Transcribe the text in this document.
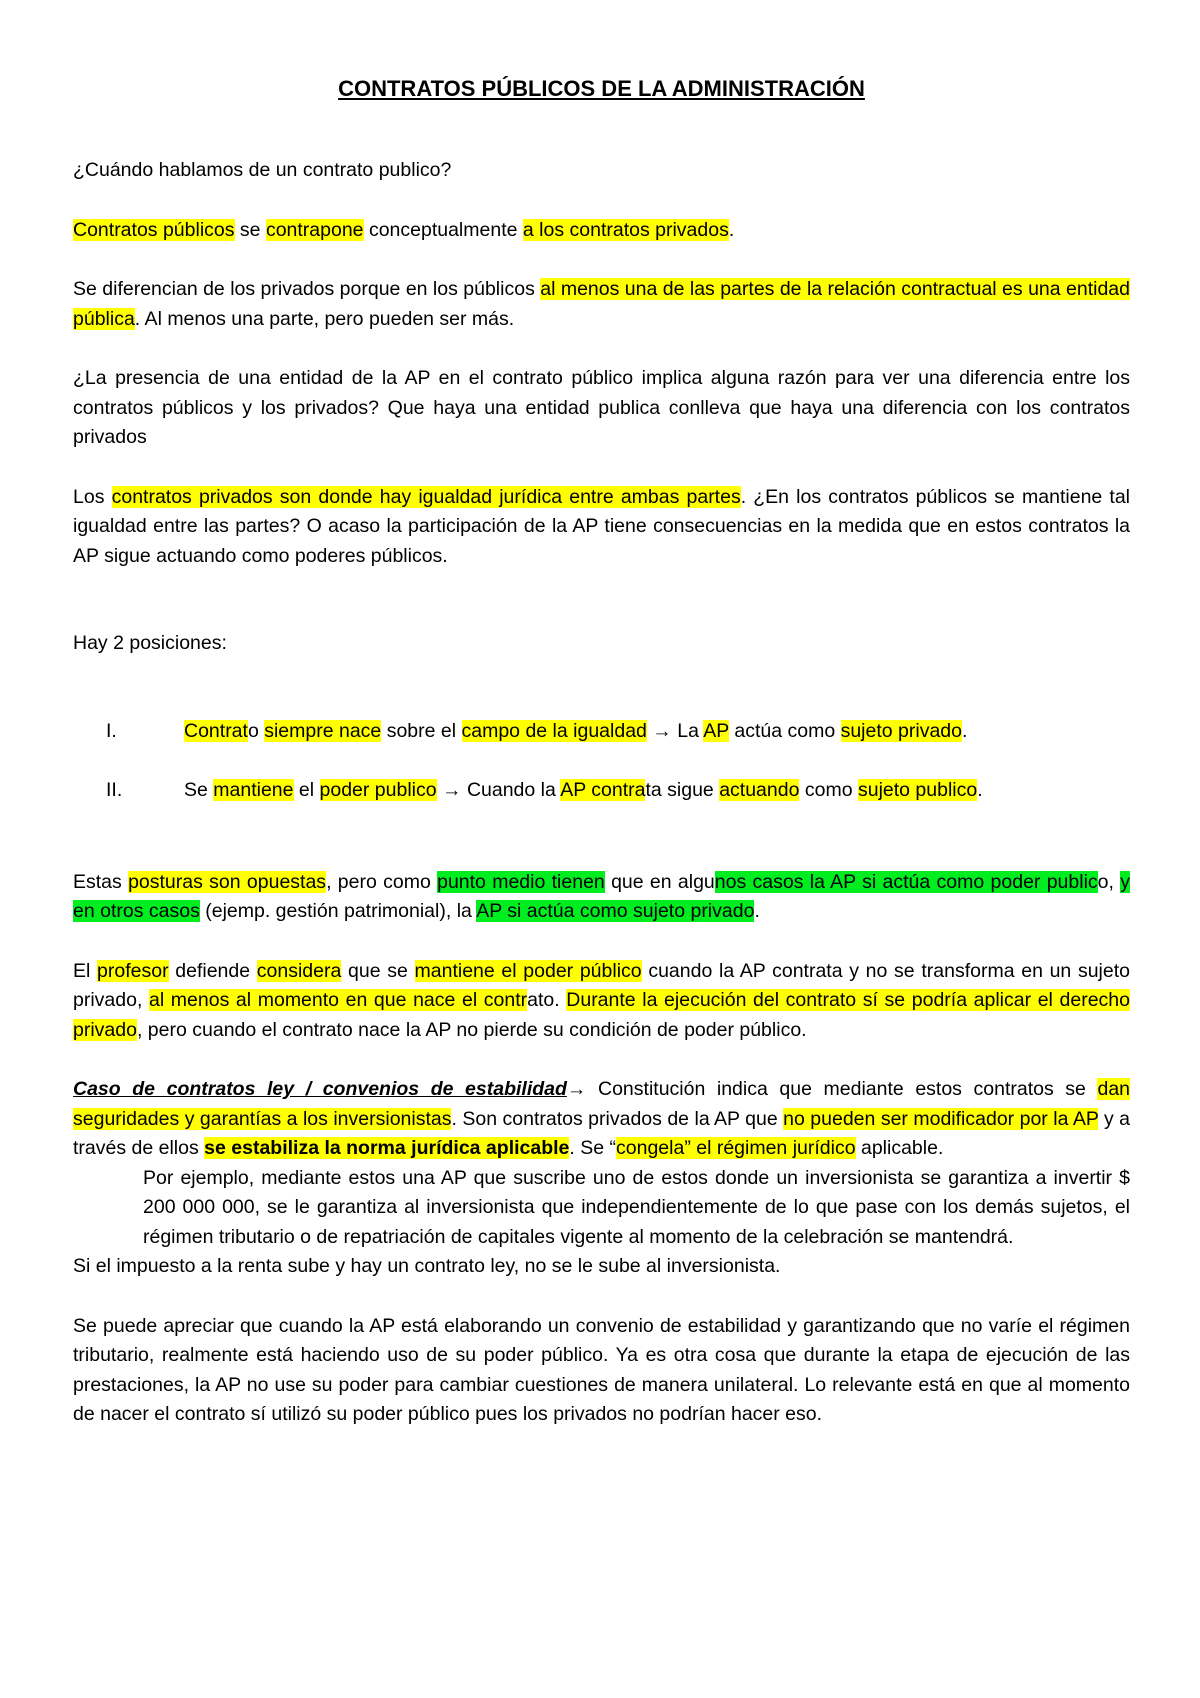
CONTRATOS PÚBLICOS DE LA ADMINISTRACIÓN

¿Cuándo hablamos de un contrato publico?

Contratos públicos se contrapone conceptualmente a los contratos privados.

Se diferencian de los privados porque en los públicos al menos una de las partes de la relación contractual es una entidad pública. Al menos una parte, pero pueden ser más.

¿La presencia de una entidad de la AP en el contrato público implica alguna razón para ver una diferencia entre los contratos públicos y los privados? Que haya una entidad publica conlleva que haya una diferencia con los contratos privados

Los contratos privados son donde hay igualdad jurídica entre ambas partes. ¿En los contratos públicos se mantiene tal igualdad entre las partes? O acaso la participación de la AP tiene consecuencias en la medida que en estos contratos la AP sigue actuando como poderes públicos.

Hay 2 posiciones:

I.	Contrato siempre nace sobre el campo de la igualdad → La AP actúa como sujeto privado.

II.	Se mantiene el poder publico → Cuando la AP contrata sigue actuando como sujeto publico.

Estas posturas son opuestas, pero como punto medio tienen que en algunos casos la AP si actúa como poder publico, y en otros casos (ejemp. gestión patrimonial), la AP si actúa como sujeto privado.

El profesor defiende considera que se mantiene el poder público cuando la AP contrata y no se transforma en un sujeto privado, al menos al momento en que nace el contrato. Durante la ejecución del contrato sí se podría aplicar el derecho privado, pero cuando el contrato nace la AP no pierde su condición de poder público.

Caso de contratos ley / convenios de estabilidad→ Constitución indica que mediante estos contratos se dan seguridades y garantías a los inversionistas. Son contratos privados de la AP que no pueden ser modificador por la AP y a través de ellos se estabiliza la norma jurídica aplicable. Se “congela” el régimen jurídico aplicable.

Por ejemplo, mediante estos una AP que suscribe uno de estos donde un inversionista se garantiza a invertir $ 200 000 000, se le garantiza al inversionista que independientemente de lo que pase con los demás sujetos, el régimen tributario o de repatriación de capitales vigente al momento de la celebración se mantendrá.

Si el impuesto a la renta sube y hay un contrato ley, no se le sube al inversionista.

Se puede apreciar que cuando la AP está elaborando un convenio de estabilidad y garantizando que no varíe el régimen tributario, realmente está haciendo uso de su poder público. Ya es otra cosa que durante la etapa de ejecución de las prestaciones, la AP no use su poder para cambiar cuestiones de manera unilateral. Lo relevante está en que al momento de nacer el contrato sí utilizó su poder público pues los privados no podrían hacer eso.
